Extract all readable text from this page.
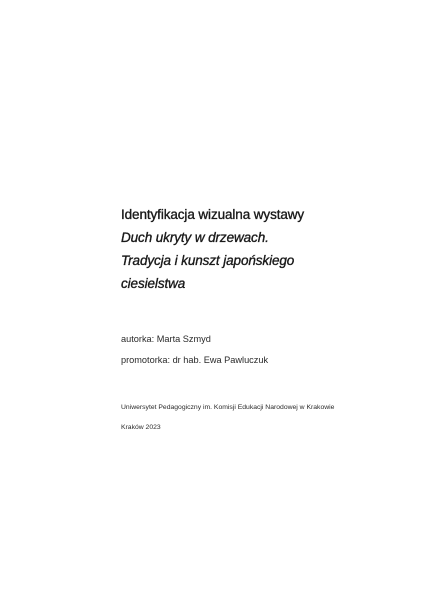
Identyfikacja wizualna wystawy
Duch ukryty w drzewach.
Tradycja i kunszt japońskiego
ciesielstwa
autorka: Marta Szmyd
promotorka: dr hab. Ewa Pawluczuk
Uniwersytet Pedagogiczny im. Komisji Edukacji Narodowej w Krakowie
Kraków 2023
